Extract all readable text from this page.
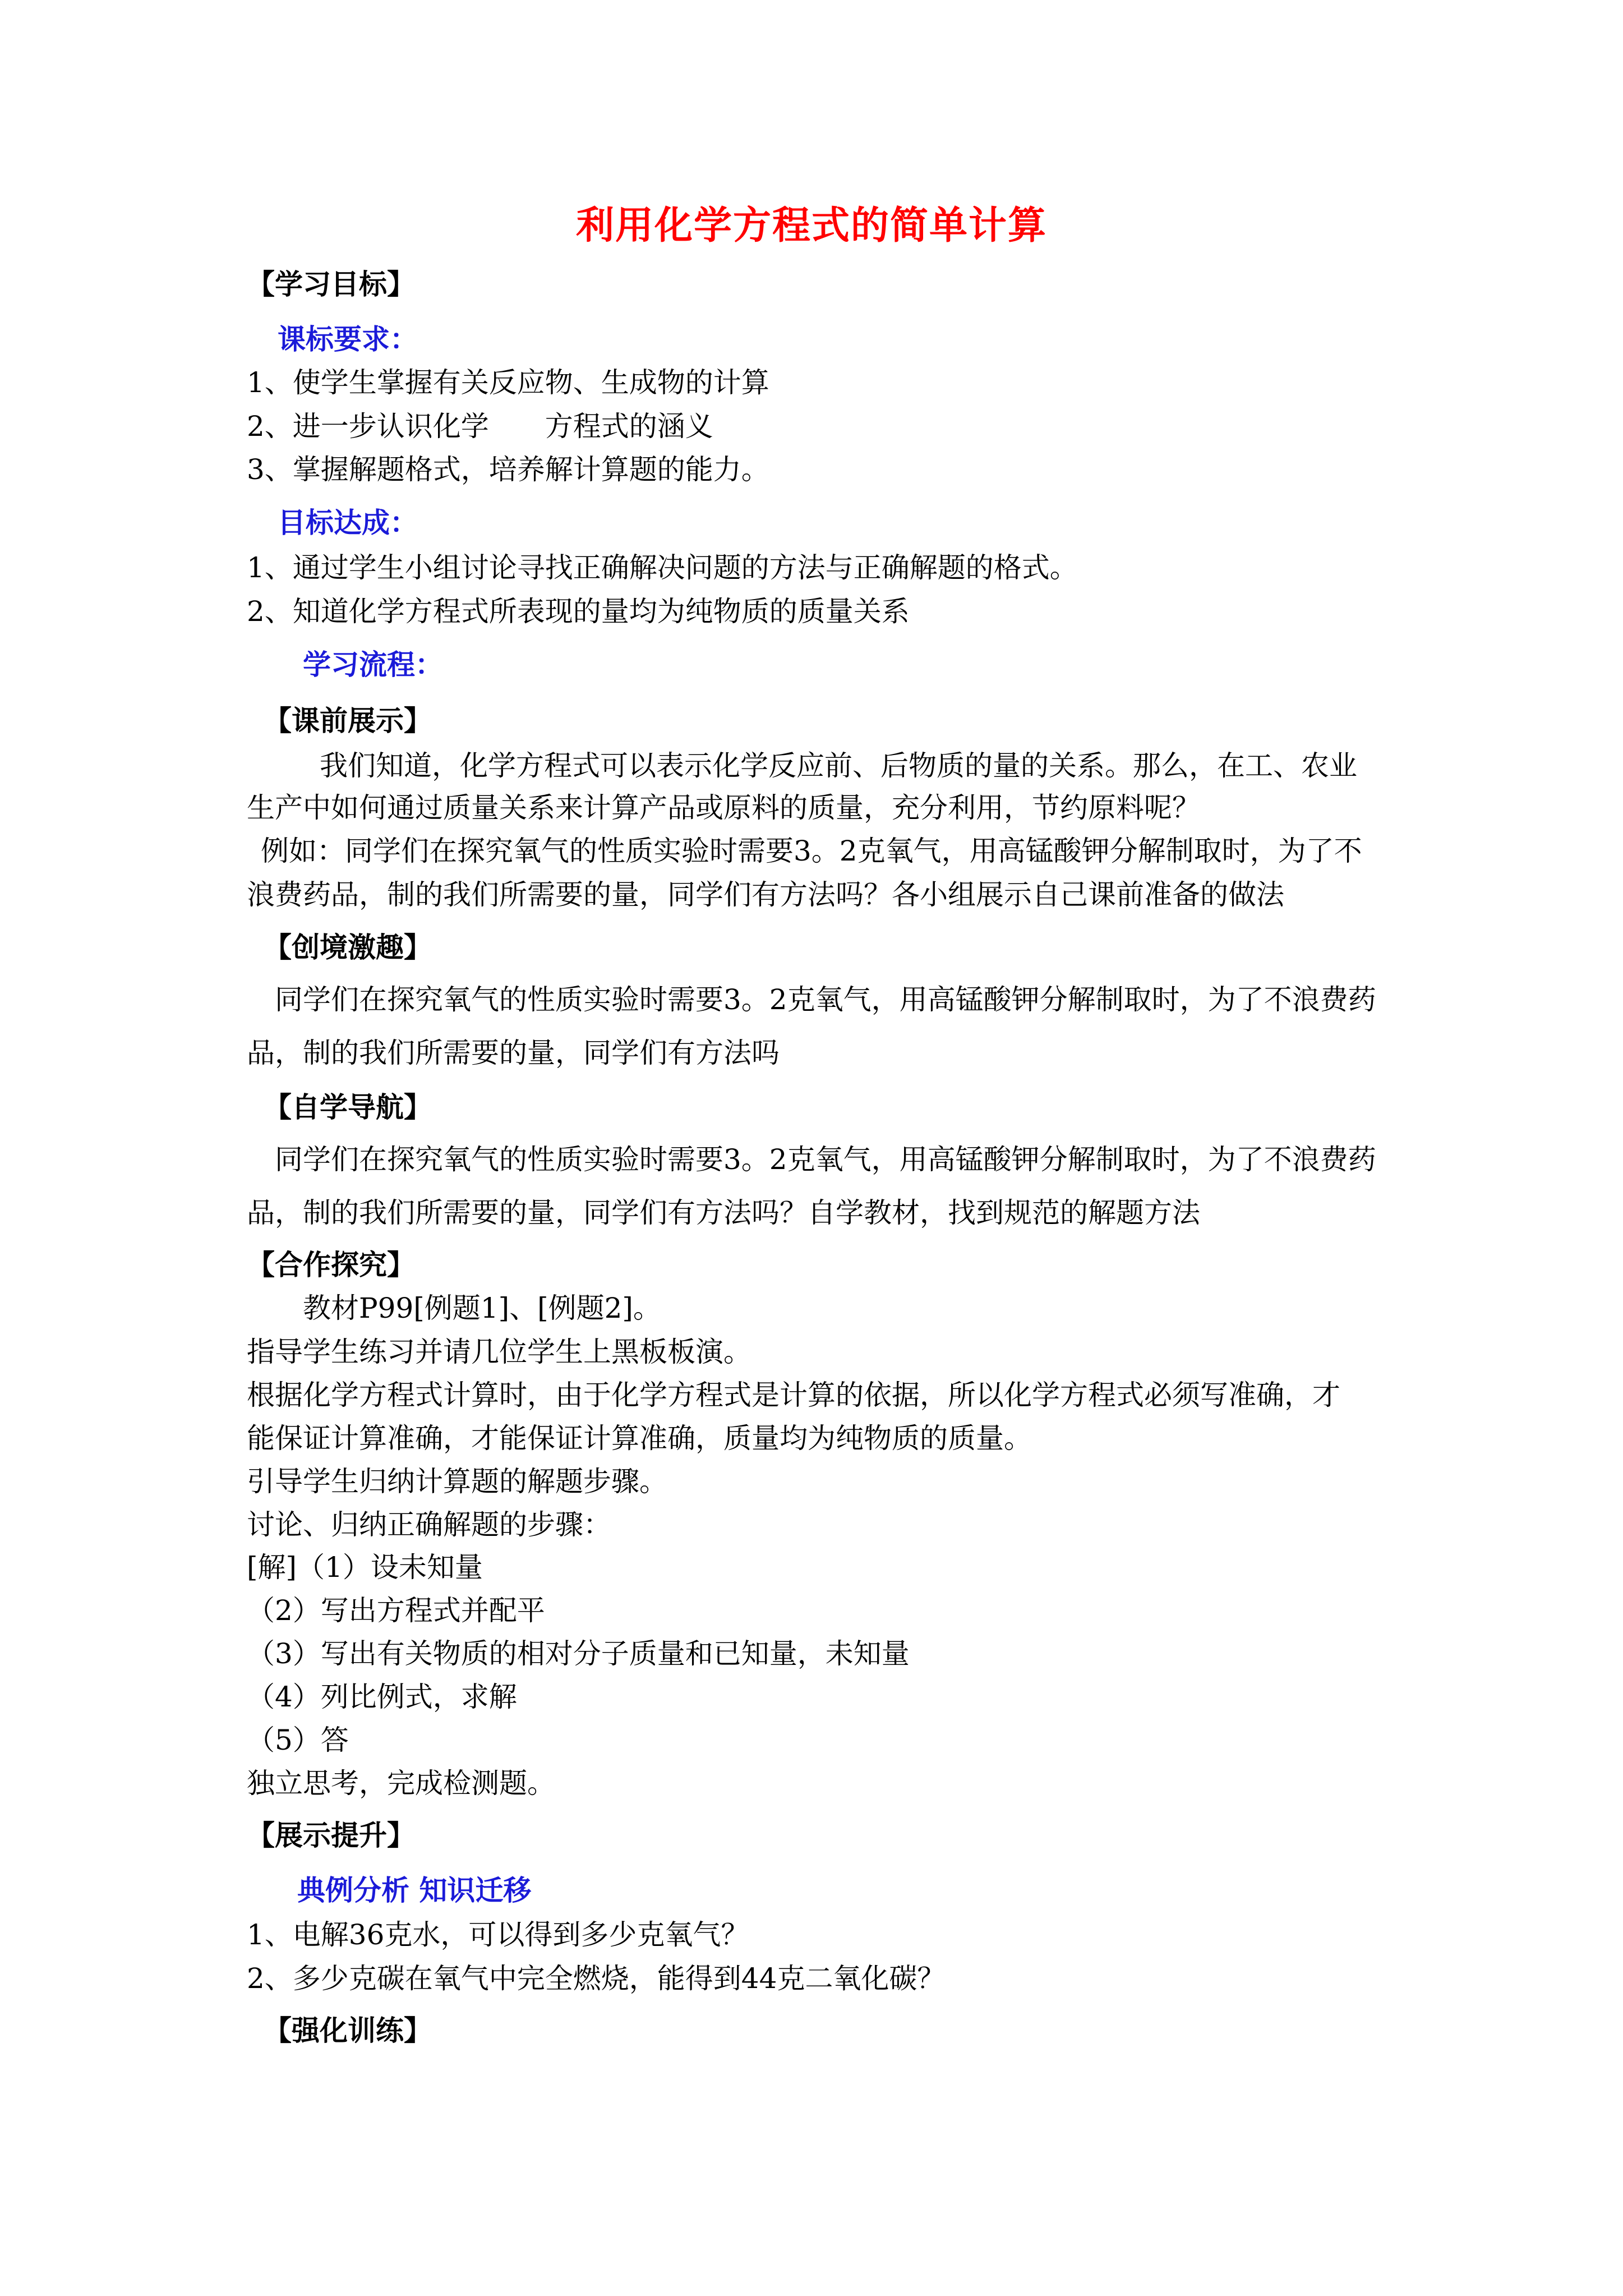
利用化学方程式的简单计算
【学习目标】
课标要求：
1、使学生掌握有关反应物、生成物的计算
2、进一步认识化学　　方程式的涵义
3、掌握解题格式，培养解计算题的能力。
目标达成：
1、通过学生小组讨论寻找正确解决问题的方法与正确解题的格式。
2、知道化学方程式所表现的量均为纯物质的质量关系
学习流程：
【课前展示】
我们知道，化学方程式可以表示化学反应前、后物质的量的关系。那么，在工、农业
生产中如何通过质量关系来计算产品或原料的质量，充分利用，节约原料呢？
例如：同学们在探究氧气的性质实验时需要3。2克氧气，用高锰酸钾分解制取时，为了不
浪费药品，制的我们所需要的量，同学们有方法吗？各小组展示自己课前准备的做法
【创境激趣】
同学们在探究氧气的性质实验时需要3。2克氧气，用高锰酸钾分解制取时，为了不浪费药
品，制的我们所需要的量，同学们有方法吗
【自学导航】
同学们在探究氧气的性质实验时需要3。2克氧气，用高锰酸钾分解制取时，为了不浪费药
品，制的我们所需要的量，同学们有方法吗？自学教材，找到规范的解题方法
【合作探究】
教材P99[例题1]、[例题2]。
指导学生练习并请几位学生上黑板板演。
根据化学方程式计算时，由于化学方程式是计算的依据，所以化学方程式必须写准确，才
能保证计算准确，才能保证计算准确，质量均为纯物质的质量。
引导学生归纳计算题的解题步骤。
讨论、归纳正确解题的步骤：
[解]（1）设未知量
（2）写出方程式并配平
（3）写出有关物质的相对分子质量和已知量，未知量
（4）列比例式，求解
（5）答
独立思考，完成检测题。
【展示提升】
典例分析 知识迁移
1、电解36克水，可以得到多少克氧气？
2、多少克碳在氧气中完全燃烧，能得到44克二氧化碳？
【强化训练】
